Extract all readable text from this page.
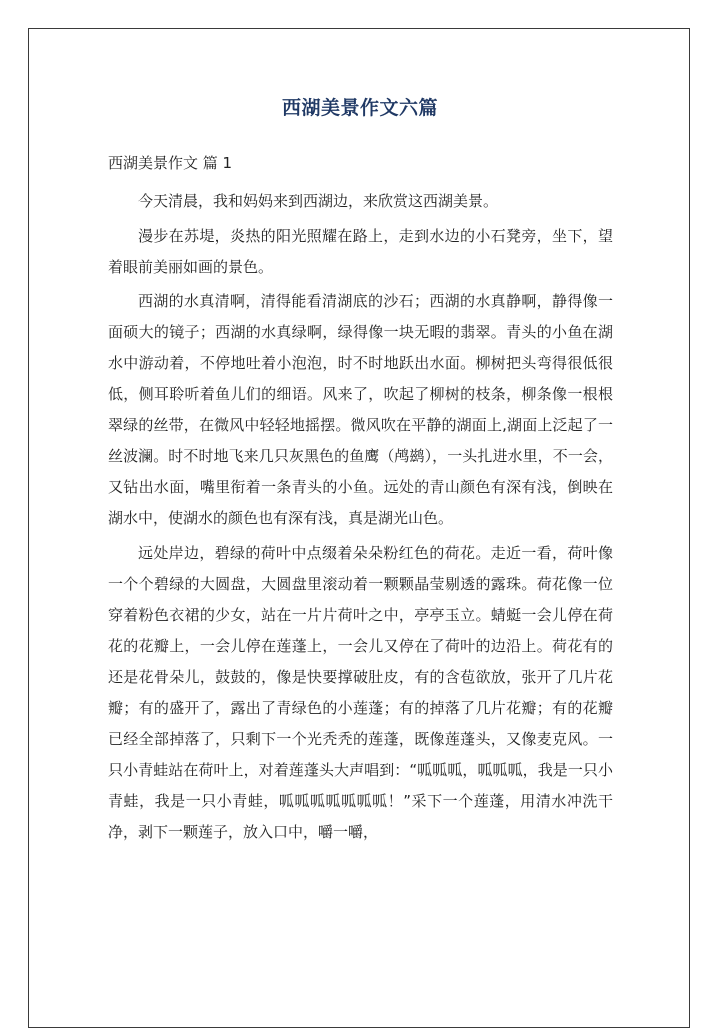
西湖美景作文六篇

西湖美景作文 篇 1

今天清晨，我和妈妈来到西湖边，来欣赏这西湖美景。

漫步在苏堤，炎热的阳光照耀在路上，走到水边的小石凳旁，坐下，望着眼前美丽如画的景色。

西湖的水真清啊，清得能看清湖底的沙石；西湖的水真静啊，静得像一面硕大的镜子；西湖的水真绿啊，绿得像一块无暇的翡翠。青头的小鱼在湖水中游动着，不停地吐着小泡泡，时不时地跃出水面。柳树把头弯得很低很低，侧耳聆听着鱼儿们的细语。风来了，吹起了柳树的枝条，柳条像一根根翠绿的丝带，在微风中轻轻地摇摆。微风吹在平静的湖面上,湖面上泛起了一丝波澜。时不时地飞来几只灰黑色的鱼鹰（鸬鹚），一头扎进水里，不一会，又钻出水面，嘴里衔着一条青头的小鱼。远处的青山颜色有深有浅，倒映在湖水中，使湖水的颜色也有深有浅，真是湖光山色。

远处岸边，碧绿的荷叶中点缀着朵朵粉红色的荷花。走近一看，荷叶像一个个碧绿的大圆盘，大圆盘里滚动着一颗颗晶莹剔透的露珠。荷花像一位穿着粉色衣裙的少女，站在一片片荷叶之中，亭亭玉立。蜻蜓一会儿停在荷花的花瓣上，一会儿停在莲蓬上，一会儿又停在了荷叶的边沿上。荷花有的还是花骨朵儿，鼓鼓的，像是快要撑破肚皮，有的含苞欲放，张开了几片花瓣；有的盛开了，露出了青绿色的小莲蓬；有的掉落了几片花瓣；有的花瓣已经全部掉落了，只剩下一个光秃秃的莲蓬，既像莲蓬头，又像麦克风。一只小青蛙站在荷叶上，对着莲蓬头大声唱到：“呱呱呱，呱呱呱，我是一只小青蛙，我是一只小青蛙，呱呱呱呱呱呱呱！”采下一个莲蓬，用清水冲洗干净，剥下一颗莲子，放入口中，嚼一嚼，
